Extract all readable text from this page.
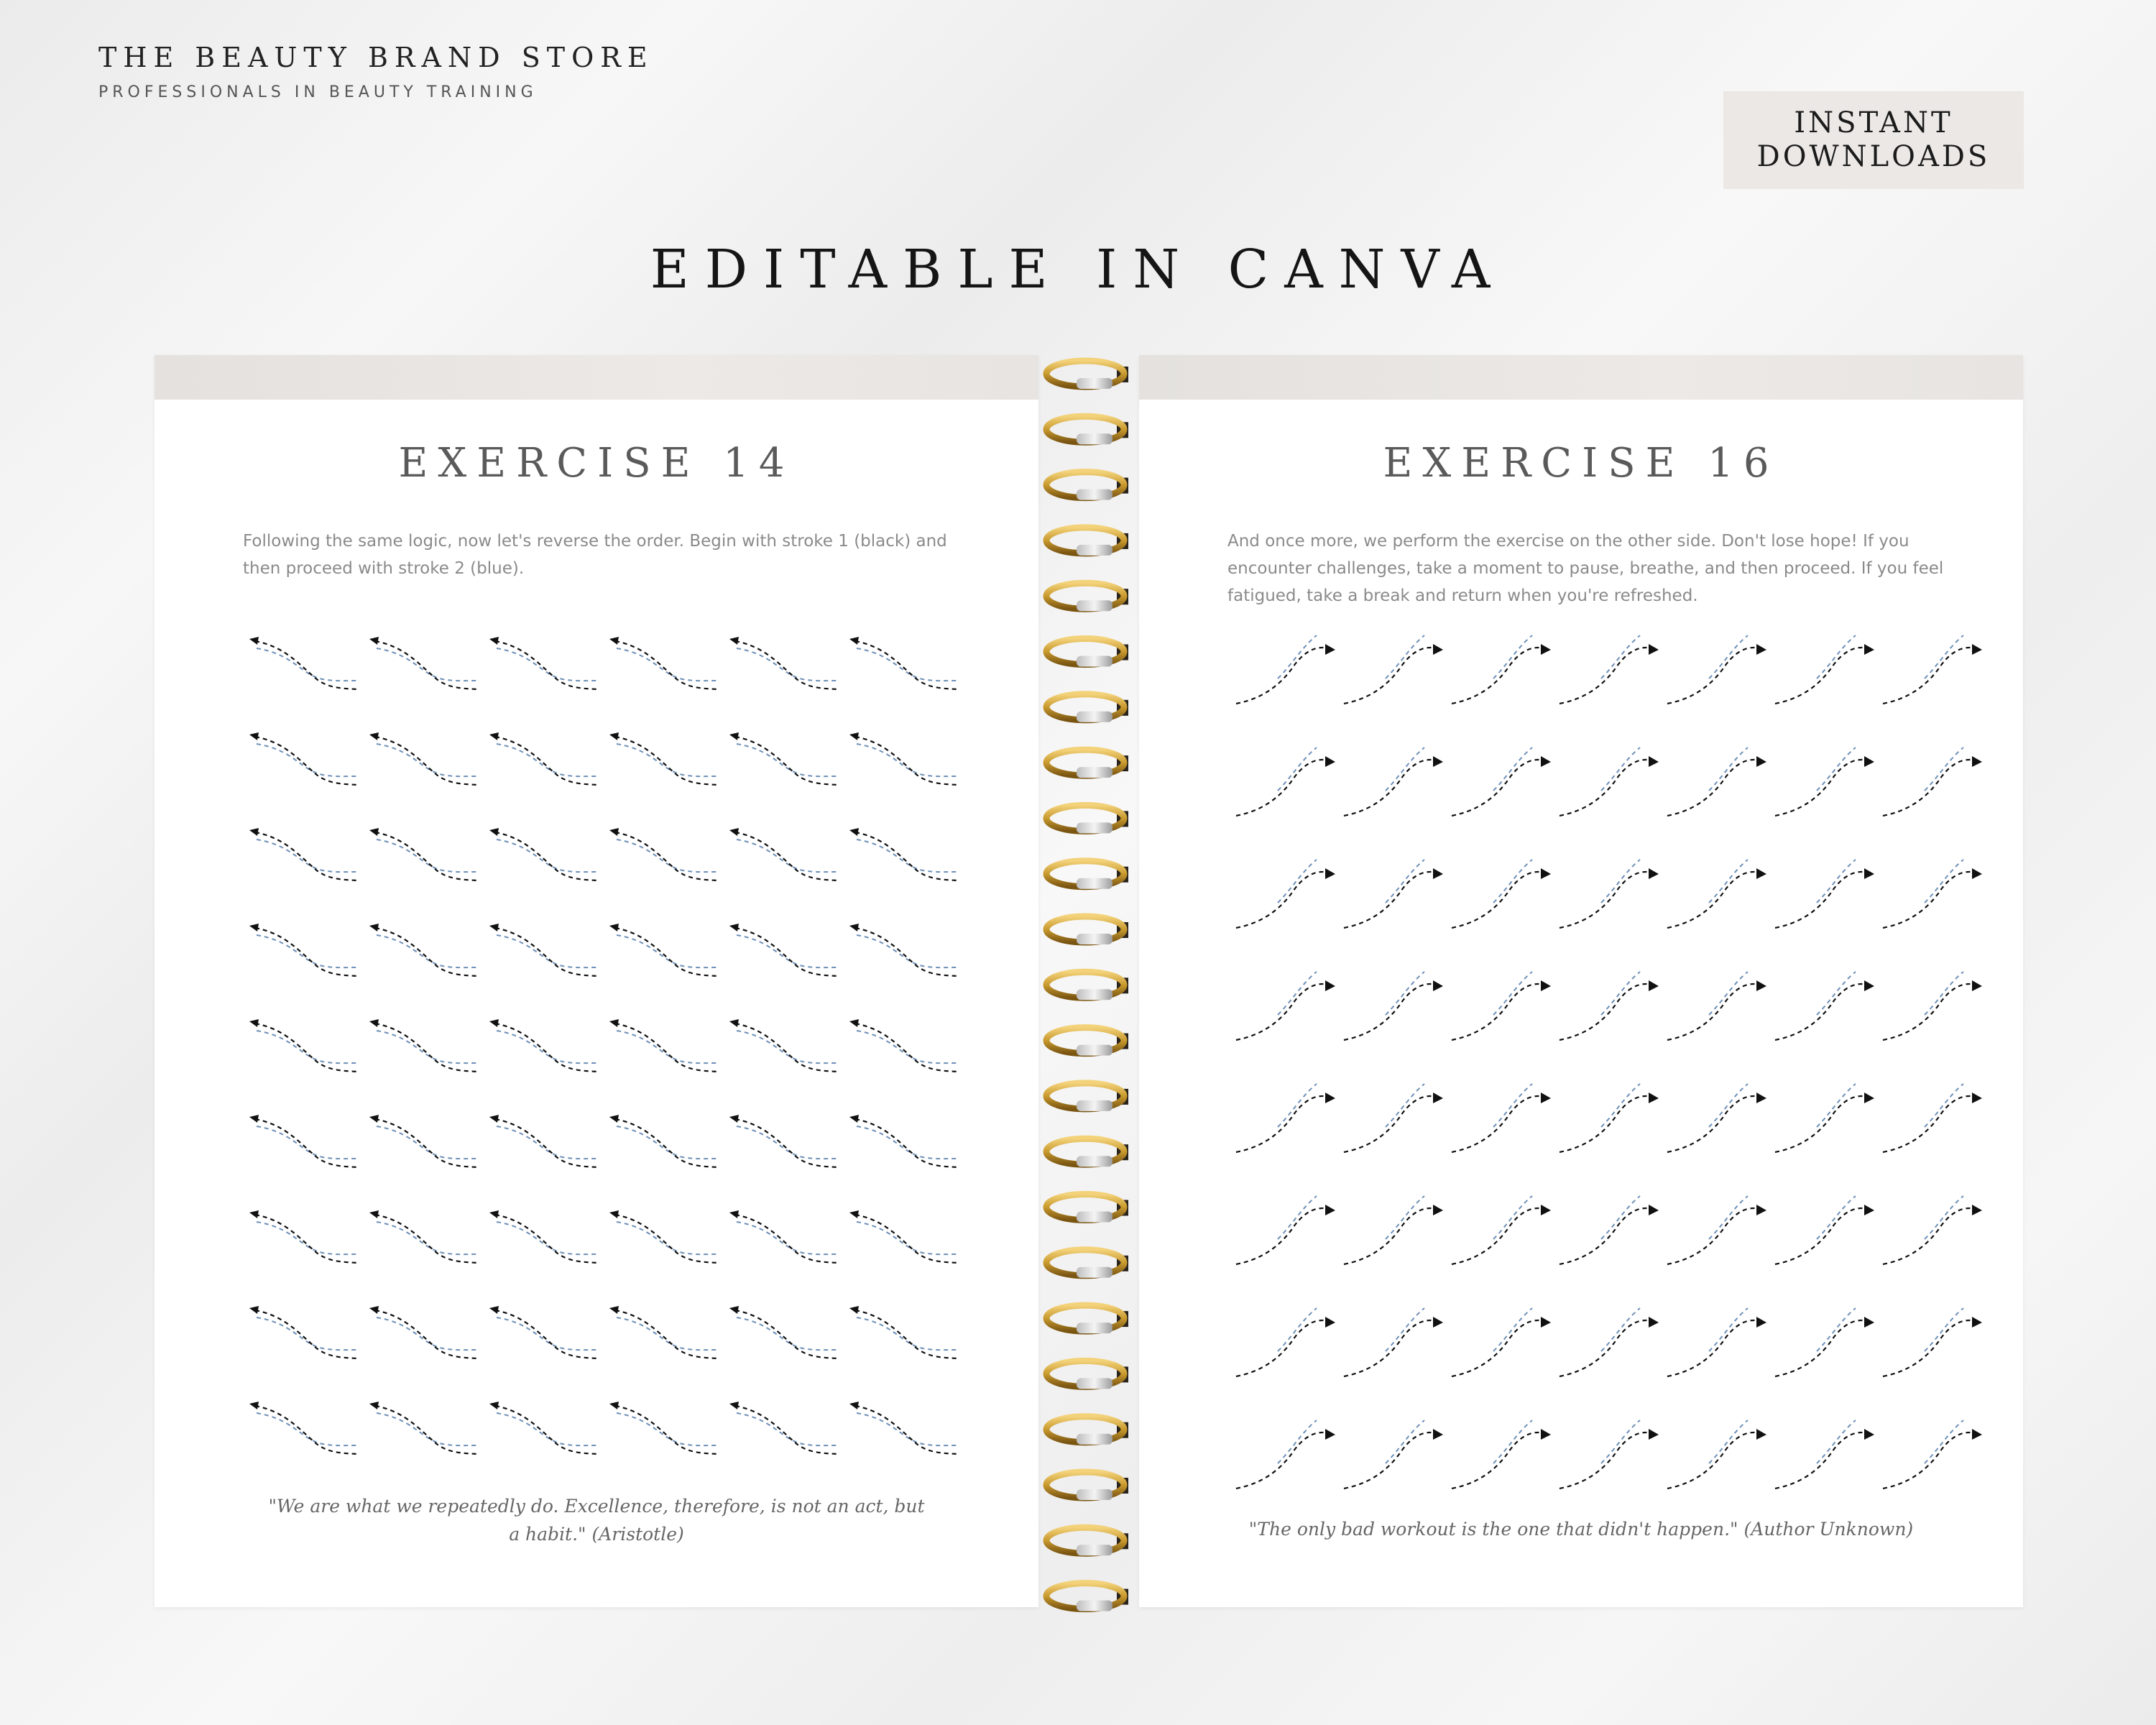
THE BEAUTY BRAND STORE
PROFESSIONALS IN BEAUTY TRAINING
INSTANT
DOWNLOADS
EDITABLE IN CANVA
EXERCISE 14
Following the same logic, now let's reverse the order. Begin with stroke 1 (black) and then proceed with stroke 2 (blue).
"We are what we repeatedly do. Excellence, therefore, is not an act, but a habit." (Aristotle)
EXERCISE 16
And once more, we perform the exercise on the other side. Don't lose hope! If you encounter challenges, take a moment to pause, breathe, and then proceed. If you feel fatigued, take a break and return when you're refreshed.
"The only bad workout is the one that didn't happen." (Author Unknown)
